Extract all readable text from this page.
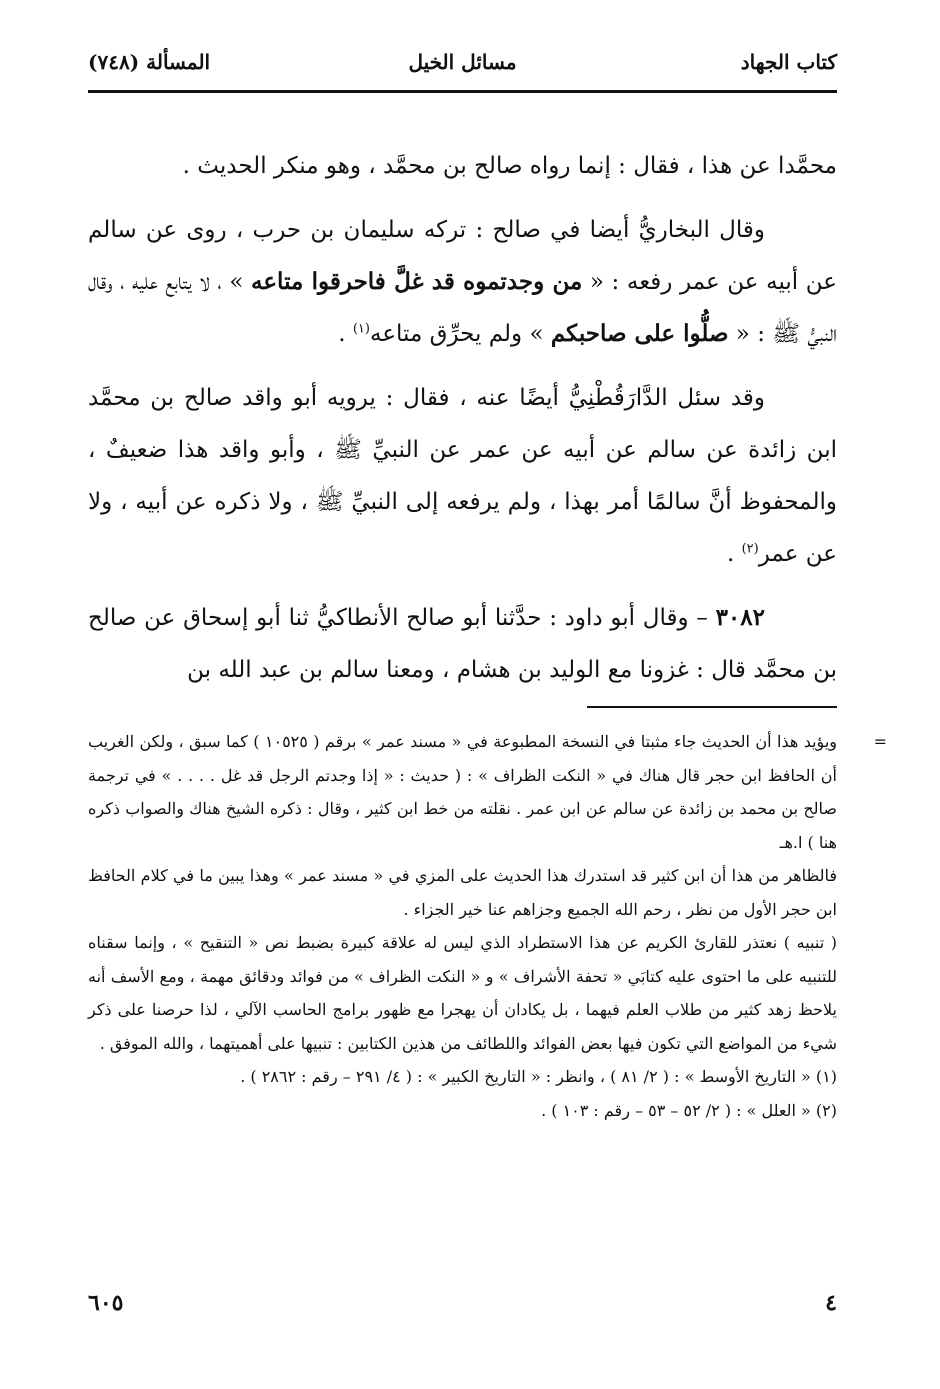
كتاب الجهاد
مسائل الخيل
المسألة (٧٤٨)

محمَّدا عن هذا ، فقال : إنما رواه صالح بن محمَّد ، وهو منكر الحديث .

وقال البخاريُّ أيضا في صالح : تركه سليمان بن حرب ، روى عن سالم عن أبيه عن عمر رفعه : « من وجدتموه قد غلَّ فاحرقوا متاعه » ، لا يتابع عليه ، وقال النبيُّ ﷺ : « صلُّوا على صاحبكم » ولم يحرِّق متاعه$^{(١)}$ .

وقد سئل الدَّارَقُطْنِيُّ أيضًا عنه ، فقال : يرويه أبو واقد صالح بن محمَّد ابن زائدة عن سالم عن أبيه عن عمر عن النبيِّ ﷺ ، وأبو واقد هذا ضعيفٌ ، والمحفوظ أنَّ سالمًا أمر بهذا ، ولم يرفعه إلى النبيِّ ﷺ ، ولا ذكره عن أبيه ، ولا عن عمر$^{(٢)}$ .

٣٠٨٢ – وقال أبو داود : حدَّثنا أبو صالح الأنطاكيُّ ثنا أبو إسحاق عن صالح بن محمَّد قال : غزونا مع الوليد بن هشام ، ومعنا سالم بن عبد الله بن

=
ويؤيد هذا أن الحديث جاء مثبتا في النسخة المطبوعة في « مسند عمر » برقم ( ١٠٥٢٥ ) كما سبق ، ولكن الغريب أن الحافظ ابن حجر قال هناك في « النكت الظراف » : ( حديث : « إذا وجدتم الرجل قد غل . . . . » في ترجمة صالح بن محمد بن زائدة عن سالم عن ابن عمر . نقلته من خط ابن كثير ، وقال : ذكره الشيخ هناك والصواب ذكره هنا ) ا.هـ

فالظاهر من هذا أن ابن كثير قد استدرك هذا الحديث على المزي في « مسند عمر » وهذا يبين ما في كلام الحافظ ابن حجر الأول من نظر ، رحم الله الجميع وجزاهم عنا خير الجزاء .

( تنبيه ) نعتذر للقارئ الكريم عن هذا الاستطراد الذي ليس له علاقة كبيرة بضبط نص « التنقيح » ، وإنما سقناه للتنبيه على ما احتوى عليه كتابَي « تحفة الأشراف » و « النكت الظراف » من فوائد ودقائق مهمة ، ومع الأسف أنه يلاحظ زهد كثير من طلاب العلم فيهما ، بل يكادان أن يهجرا مع ظهور برامج الحاسب الآلي ، لذا حرصنا على ذكر شيء من المواضع التي تكون فيها بعض الفوائد واللطائف من هذين الكتابين : تنبيها على أهميتهما ، والله الموفق .

(١) « التاريخ الأوسط » : ( ٢/ ٨١ ) ، وانظر : « التاريخ الكبير » : ( ٤/ ٢٩١ – رقم : ٢٨٦٢ ) .

(٢) « العلل » : ( ٢/ ٥٢ – ٥٣ – رقم : ١٠٣ ) .

٤
٦٠٥
